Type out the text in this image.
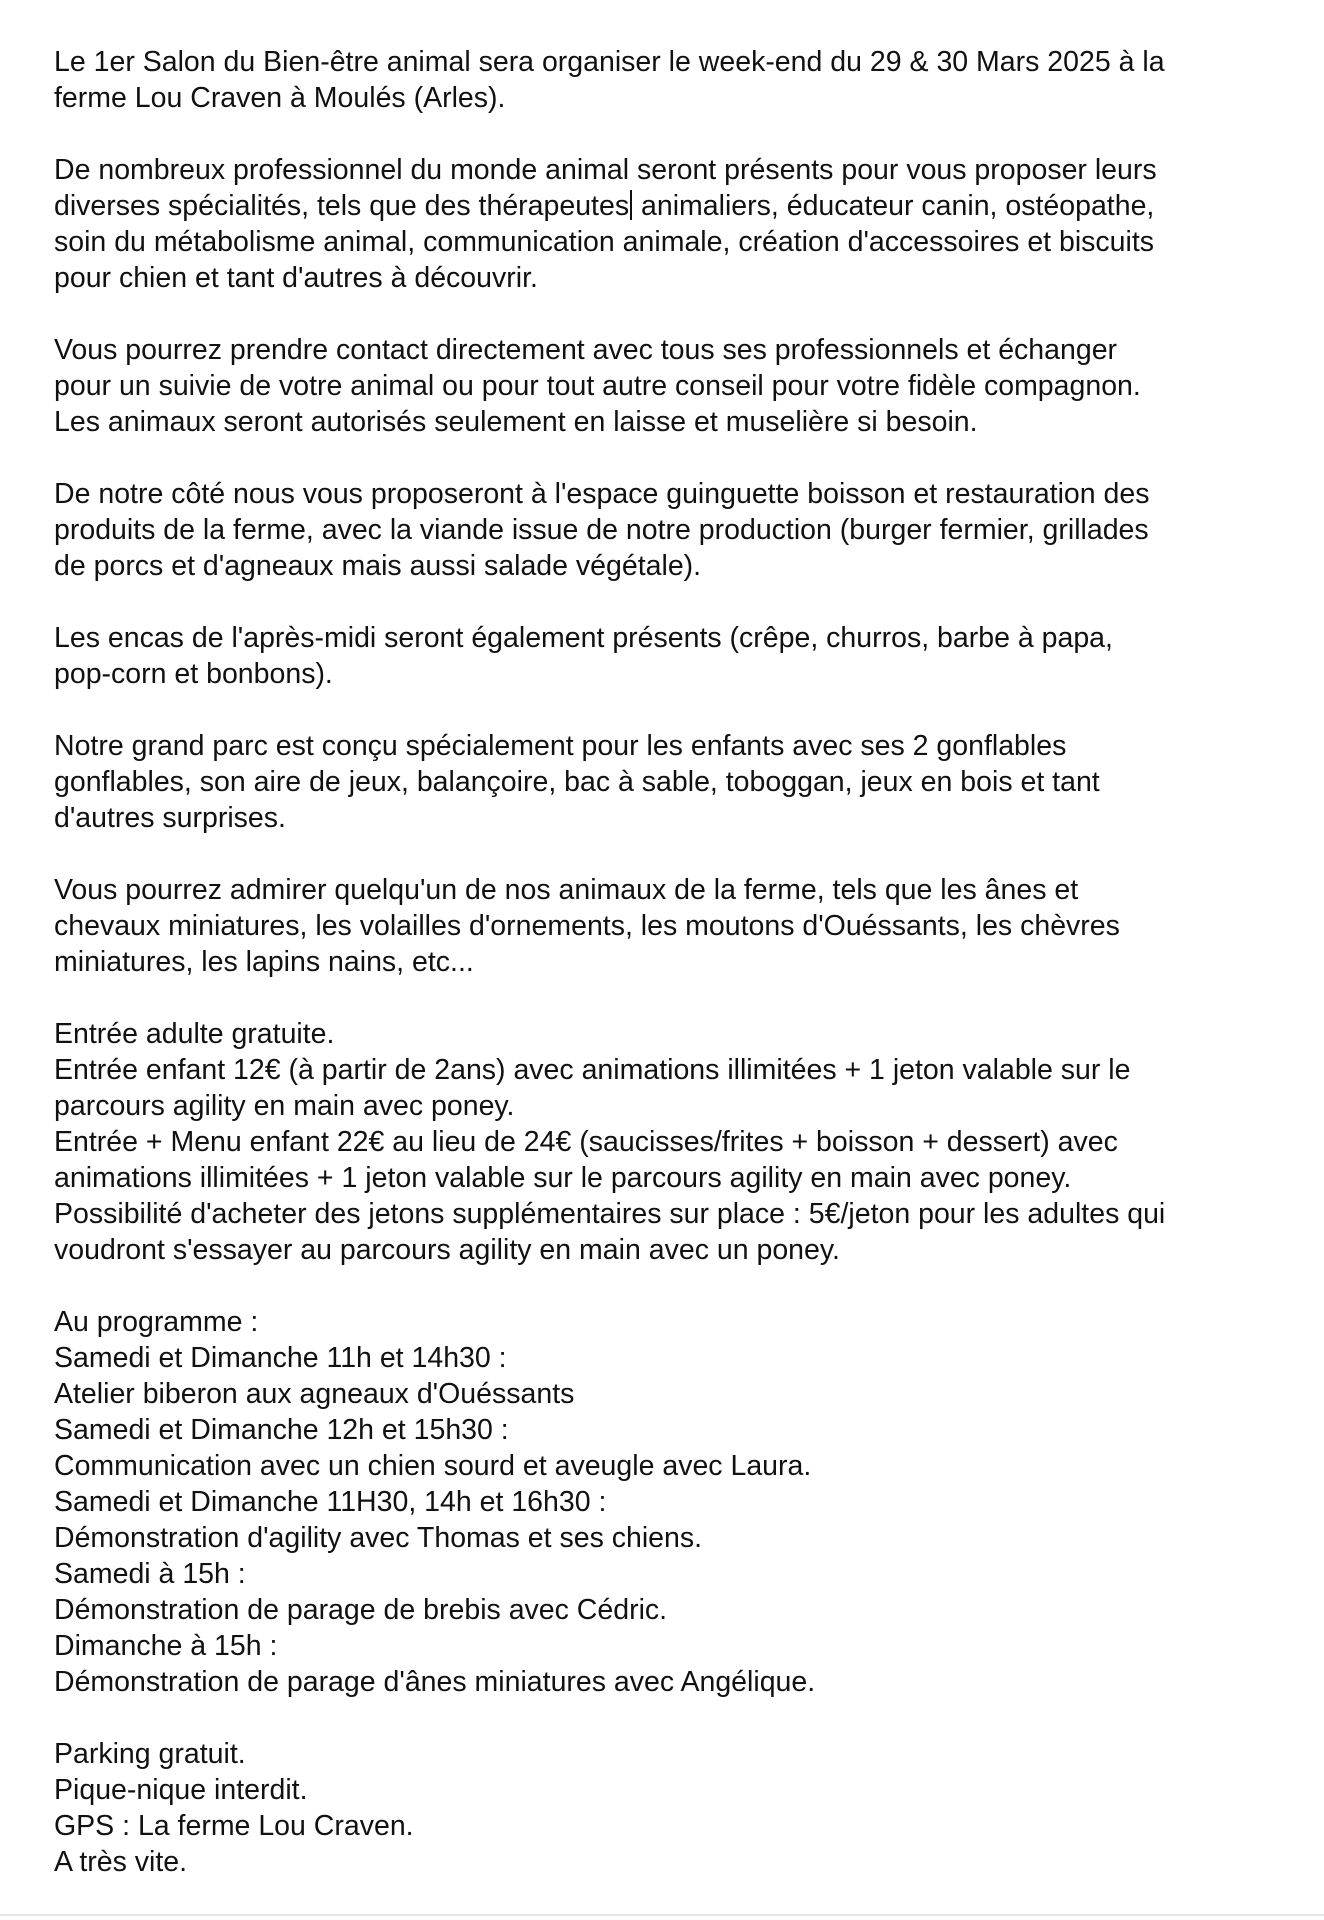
Le 1er Salon du Bien-être animal sera organiser le week-end du 29 & 30 Mars 2025 à la
ferme Lou Craven à Moulés (Arles).

De nombreux professionnel du monde animal seront présents pour vous proposer leurs
diverses spécialités, tels que des thérapeutes animaliers, éducateur canin, ostéopathe,
soin du métabolisme animal, communication animale, création d'accessoires et biscuits
pour chien et tant d'autres à découvrir.

Vous pourrez prendre contact directement avec tous ses professionnels et échanger
pour un suivie de votre animal ou pour tout autre conseil pour votre fidèle compagnon.
Les animaux seront autorisés seulement en laisse et muselière si besoin.

De notre côté nous vous proposeront à l'espace guinguette boisson et restauration des
produits de la ferme, avec la viande issue de notre production (burger fermier, grillades
de porcs et d'agneaux mais aussi salade végétale).

Les encas de l'après-midi seront également présents (crêpe, churros, barbe à papa,
pop-corn et bonbons).

Notre grand parc est conçu spécialement pour les enfants avec ses 2 gonflables
gonflables, son aire de jeux, balançoire, bac à sable, toboggan, jeux en bois et tant
d'autres surprises.

Vous pourrez admirer quelqu'un de nos animaux de la ferme, tels que les ânes et
chevaux miniatures, les volailles d'ornements, les moutons d'Ouéssants, les chèvres
miniatures, les lapins nains, etc...

Entrée adulte gratuite.
Entrée enfant 12€ (à partir de 2ans) avec animations illimitées + 1 jeton valable sur le
parcours agility en main avec poney.
Entrée + Menu enfant 22€ au lieu de 24€ (saucisses/frites + boisson + dessert) avec
animations illimitées + 1 jeton valable sur le parcours agility en main avec poney.
Possibilité d'acheter des jetons supplémentaires sur place : 5€/jeton pour les adultes qui
voudront s'essayer au parcours agility en main avec un poney.

Au programme :
Samedi et Dimanche 11h et 14h30 :
Atelier biberon aux agneaux d'Ouéssants
Samedi et Dimanche 12h et 15h30 :
Communication avec un chien sourd et aveugle avec Laura.
Samedi et Dimanche 11H30, 14h et 16h30 :
Démonstration d'agility avec Thomas et ses chiens.
Samedi à 15h :
Démonstration de parage de brebis avec Cédric.
Dimanche à 15h :
Démonstration de parage d'ânes miniatures avec Angélique.

Parking gratuit.
Pique-nique interdit.
GPS : La ferme Lou Craven.
A très vite.
